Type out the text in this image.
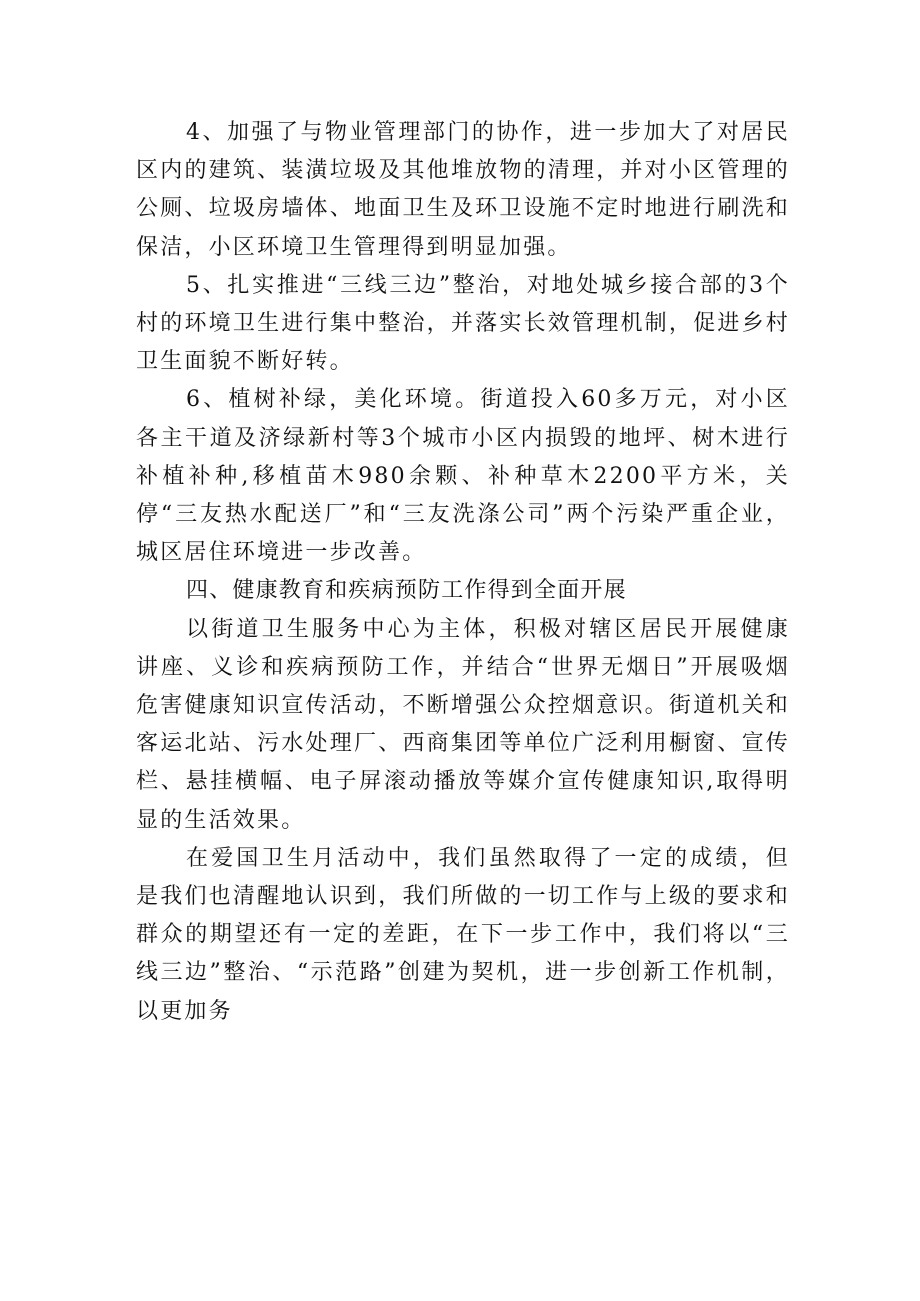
4、加强了与物业管理部门的协作，进一步加大了对居民区内的建筑、装潢垃圾及其他堆放物的清理，并对小区管理的公厕、垃圾房墙体、地面卫生及环卫设施不定时地进行刷洗和保洁，小区环境卫生管理得到明显加强。

5、扎实推进“三线三边”整治，对地处城乡接合部的3个村的环境卫生进行集中整治，并落实长效管理机制，促进乡村卫生面貌不断好转。

6、植树补绿，美化环境。街道投入60多万元，对小区各主干道及济绿新村等3个城市小区内损毁的地坪、树木进行补植补种,移植苗木980余颗、补种草木2200平方米，关停“三友热水配送厂”和“三友洗涤公司”两个污染严重企业，城区居住环境进一步改善。

四、健康教育和疾病预防工作得到全面开展

以街道卫生服务中心为主体，积极对辖区居民开展健康讲座、义诊和疾病预防工作，并结合“世界无烟日”开展吸烟危害健康知识宣传活动，不断增强公众控烟意识。街道机关和客运北站、污水处理厂、西商集团等单位广泛利用橱窗、宣传栏、悬挂横幅、电子屏滚动播放等媒介宣传健康知识,取得明显的生活效果。

在爱国卫生月活动中，我们虽然取得了一定的成绩，但是我们也清醒地认识到，我们所做的一切工作与上级的要求和群众的期望还有一定的差距，在下一步工作中，我们将以“三线三边”整治、“示范路”创建为契机，进一步创新工作机制，以更加务
